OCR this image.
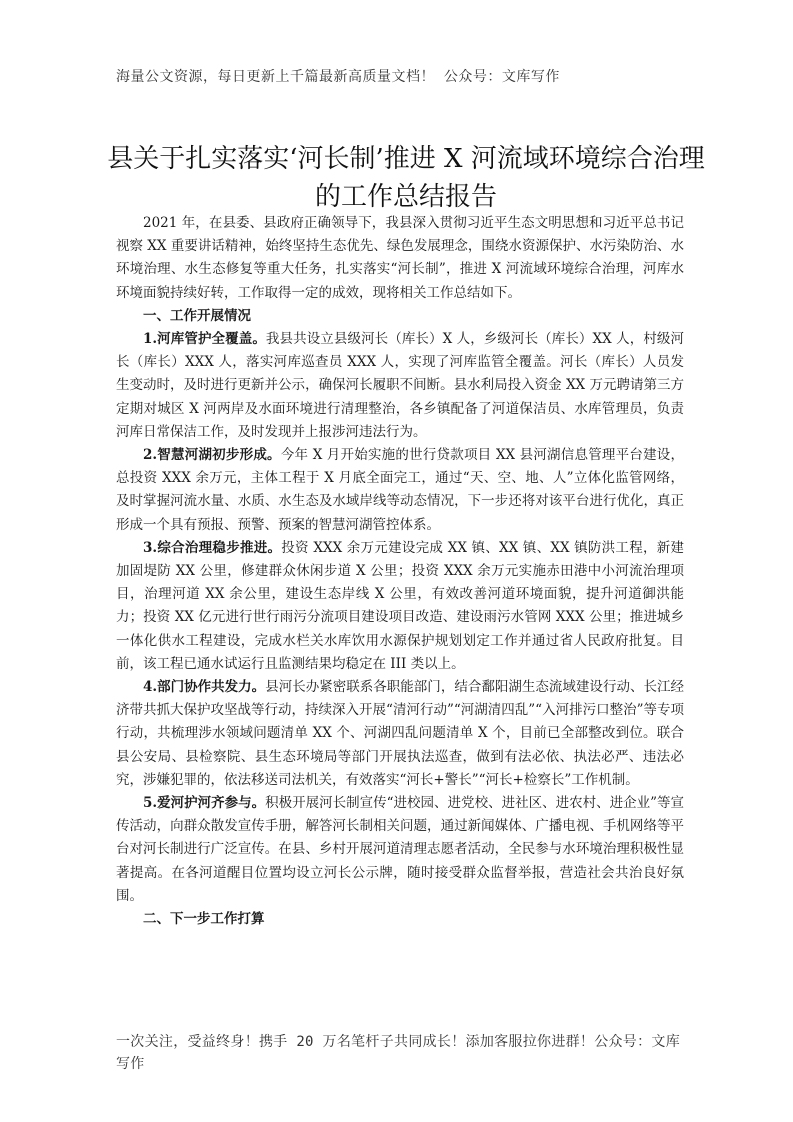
海量公文资源，每日更新上千篇最新高质量文档！ 公众号：文库写作
县关于扎实落实‘河长制’推进 X 河流域环境综合治理的工作总结报告

2021 年，在县委、县政府正确领导下，我县深入贯彻习近平生态文明思想和习近平总书记视察 XX 重要讲话精神，始终坚持生态优先、绿色发展理念，围绕水资源保护、水污染防治、水环境治理、水生态修复等重大任务，扎实落实“河长制”，推进 X 河流域环境综合治理，河库水环境面貌持续好转，工作取得一定的成效，现将相关工作总结如下。

一、工作开展情况

1.河库管护全覆盖。我县共设立县级河长（库长）X 人，乡级河长（库长）XX 人，村级河长（库长）XXX 人，落实河库巡查员 XXX 人，实现了河库监管全覆盖。河长（库长）人员发生变动时，及时进行更新并公示，确保河长履职不间断。县水利局投入资金 XX 万元聘请第三方定期对城区 X 河两岸及水面环境进行清理整治，各乡镇配备了河道保洁员、水库管理员，负责河库日常保洁工作，及时发现并上报涉河违法行为。

2.智慧河湖初步形成。今年 X 月开始实施的世行贷款项目 XX 县河湖信息管理平台建设，总投资 XXX 余万元，主体工程于 X 月底全面完工，通过“天、空、地、人”立体化监管网络，及时掌握河流水量、水质、水生态及水域岸线等动态情况，下一步还将对该平台进行优化，真正形成一个具有预报、预警、预案的智慧河湖管控体系。

3.综合治理稳步推进。投资 XXX 余万元建设完成 XX 镇、XX 镇、XX 镇防洪工程，新建加固堤防 XX 公里，修建群众休闲步道 X 公里；投资 XXX 余万元实施赤田港中小河流治理项目，治理河道 XX 余公里，建设生态岸线 X 公里，有效改善河道环境面貌，提升河道御洪能力；投资 XX 亿元进行世行雨污分流项目建设项目改造、建设雨污水管网 XXX 公里；推进城乡一体化供水工程建设，完成水栏关水库饮用水源保护规划划定工作并通过省人民政府批复。目前，该工程已通水试运行且监测结果均稳定在 III 类以上。

4.部门协作共发力。县河长办紧密联系各职能部门，结合鄱阳湖生态流域建设行动、长江经济带共抓大保护攻坚战等行动，持续深入开展“清河行动”“河湖清四乱”“入河排污口整治”等专项行动，共梳理涉水领域问题清单 XX 个、河湖四乱问题清单 X 个，目前已全部整改到位。联合县公安局、县检察院、县生态环境局等部门开展执法巡查，做到有法必依、执法必严、违法必究，涉嫌犯罪的，依法移送司法机关，有效落实“河长+警长”“河长+检察长”工作机制。

5.爱河护河齐参与。积极开展河长制宣传“进校园、进党校、进社区、进农村、进企业”等宣传活动，向群众散发宣传手册，解答河长制相关问题，通过新闻媒体、广播电视、手机网络等平台对河长制进行广泛宣传。在县、乡村开展河道清理志愿者活动，全民参与水环境治理积极性显著提高。在各河道醒目位置均设立河长公示牌，随时接受群众监督举报，营造社会共治良好氛围。

二、下一步工作打算

一次关注，受益终身！携手 20 万名笔杆子共同成长！添加客服拉你进群！公众号：文库写作
